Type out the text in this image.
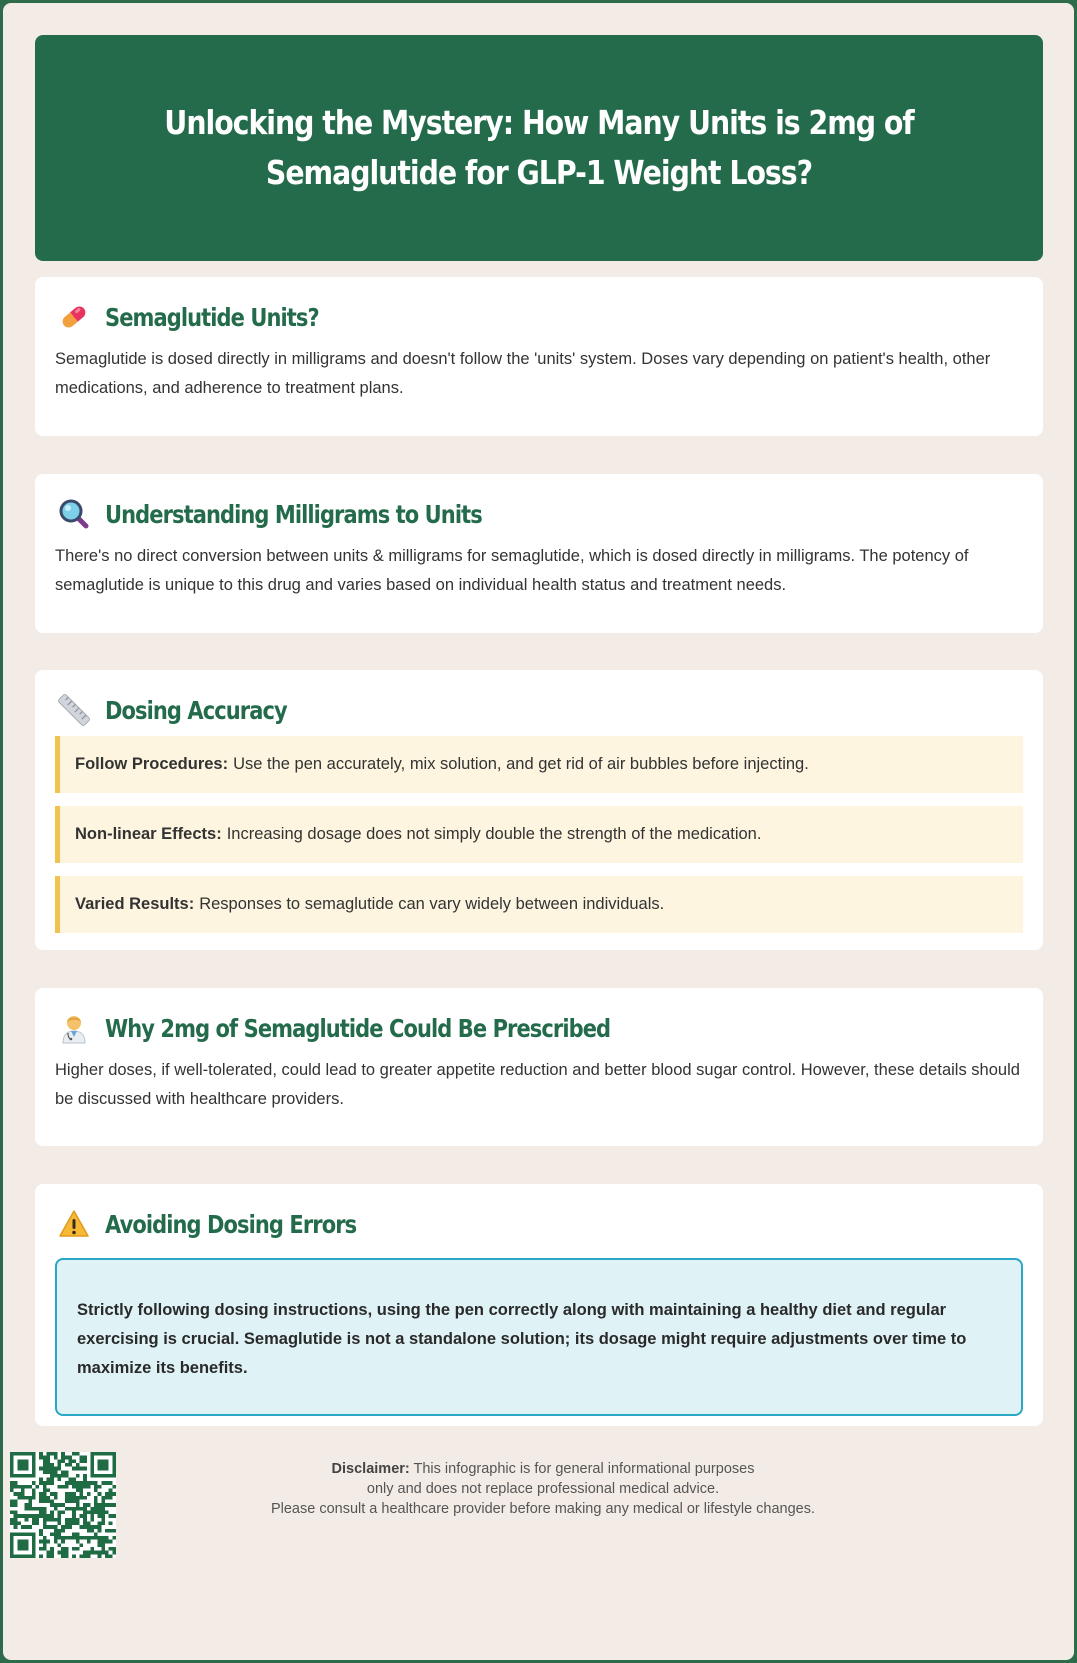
Unlocking the Mystery: How Many Units is 2mg of Semaglutide for GLP-1 Weight Loss?
Semaglutide Units?

Semaglutide is dosed directly in milligrams and doesn't follow the 'units' system. Doses vary depending on patient's health, other medications, and adherence to treatment plans.

Understanding Milligrams to Units

There's no direct conversion between units & milligrams for semaglutide, which is dosed directly in milligrams. The potency of semaglutide is unique to this drug and varies based on individual health status and treatment needs.

Dosing Accuracy
Follow Procedures: Use the pen accurately, mix solution, and get rid of air bubbles before injecting.
Non-linear Effects: Increasing dosage does not simply double the strength of the medication.
Varied Results: Responses to semaglutide can vary widely between individuals.
Why 2mg of Semaglutide Could Be Prescribed

Higher doses, if well-tolerated, could lead to greater appetite reduction and better blood sugar control. However, these details should be discussed with healthcare providers.

Avoiding Dosing Errors
Strictly following dosing instructions, using the pen correctly along with maintaining a healthy diet and regular exercising is crucial. Semaglutide is not a standalone solution; its dosage might require adjustments over time to maximize its benefits.
Disclaimer: This infographic is for general informational purposes
only and does not replace professional medical advice.
Please consult a healthcare provider before making any medical or lifestyle changes.
